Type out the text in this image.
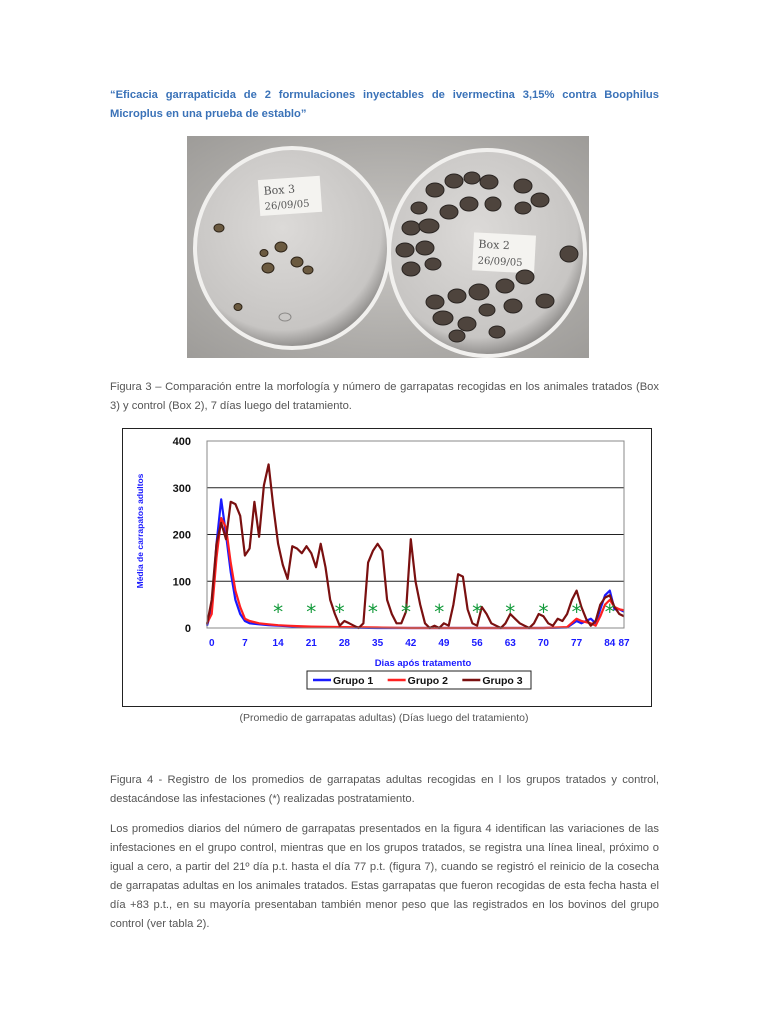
“Eficacia garrapaticida de 2 formulaciones inyectables de ivermectina 3,15% contra Boophilus
Microplus en una prueba de establo”
Box 3
26/09/05
Box 2
26/09/05
Figura 3 – Comparación entre la morfología y número de garrapatas recogidas en los animales tratados (Box 3) y control (Box 2), 7 días luego del tratamiento.
0
100
200
300
400
0	7 14 21 28 35 42 49 56 63 70 77 84 87
* * * * * * * * * * *
Média de carrapatos adultos
Dias após tratamento
Grupo 1	Grupo 2	Grupo 3
(Promedio de garrapatas adultas) (Días luego del tratamiento)
Figura 4 - Registro de los promedios de garrapatas adultas recogidas en l los grupos tratados y control, destacándose las infestaciones (*) realizadas postratamiento.
Los promedios diarios del número de garrapatas presentados en la figura 4 identifican las variaciones de las infestaciones en el grupo control, mientras que en los grupos tratados, se registra una línea lineal, próximo o igual a cero, a partir del 21º día p.t. hasta el día 77 p.t. (figura 7), cuando se registró el reinicio de la cosecha de garrapatas adultas en los animales tratados. Estas garrapatas que fueron recogidas de esta fecha hasta el día +83 p.t., en su mayoría presentaban también menor peso que las registrados en los bovinos del grupo control (ver tabla 2).
